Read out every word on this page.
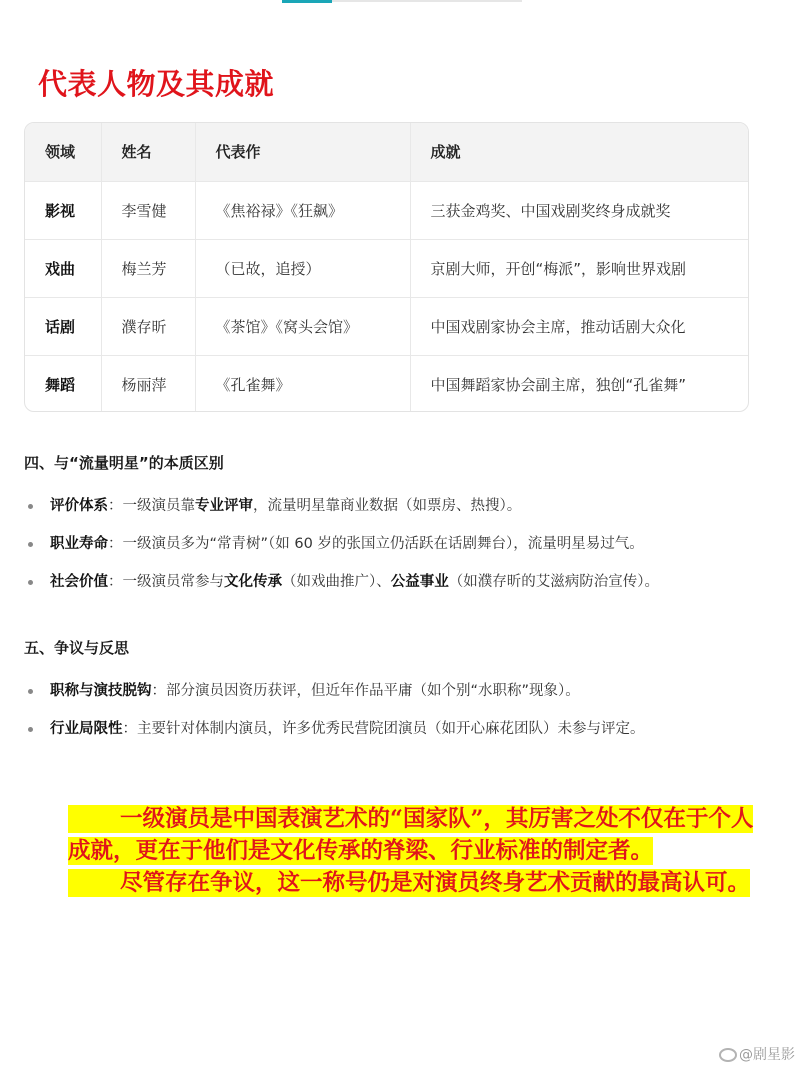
代表人物及其成就
领域	姓名	代表作	成就
影视	李雪健	《焦裕禄》《狂飙》	三获金鸡奖、中国戏剧奖终身成就奖
戏曲	梅兰芳	（已故，追授）	京剧大师，开创“梅派”，影响世界戏剧
话剧	濮存昕	《茶馆》《窝头会馆》	中国戏剧家协会主席，推动话剧大众化
舞蹈	杨丽萍	《孔雀舞》	中国舞蹈家协会副主席，独创“孔雀舞”
四、与“流量明星”的本质区别
评价体系：一级演员靠专业评审，流量明星靠商业数据（如票房、热搜）。
职业寿命：一级演员多为“常青树”（如 60 岁的张国立仍活跃在话剧舞台），流量明星易过气。
社会价值：一级演员常参与文化传承（如戏曲推广）、公益事业（如濮存昕的艾滋病防治宣传）。
五、争议与反思
职称与演技脱钩：部分演员因资历获评，但近年作品平庸（如个别“水职称”现象）。
行业局限性：主要针对体制内演员，许多优秀民营院团演员（如开心麻花团队）未参与评定。

一级演员是中国表演艺术的“国家队”，其厉害之处不仅在于个人成就，更在于他们是文化传承的脊梁、行业标准的制定者。

尽管存在争议，这一称号仍是对演员终身艺术贡献的最高认可。

@剧星影
